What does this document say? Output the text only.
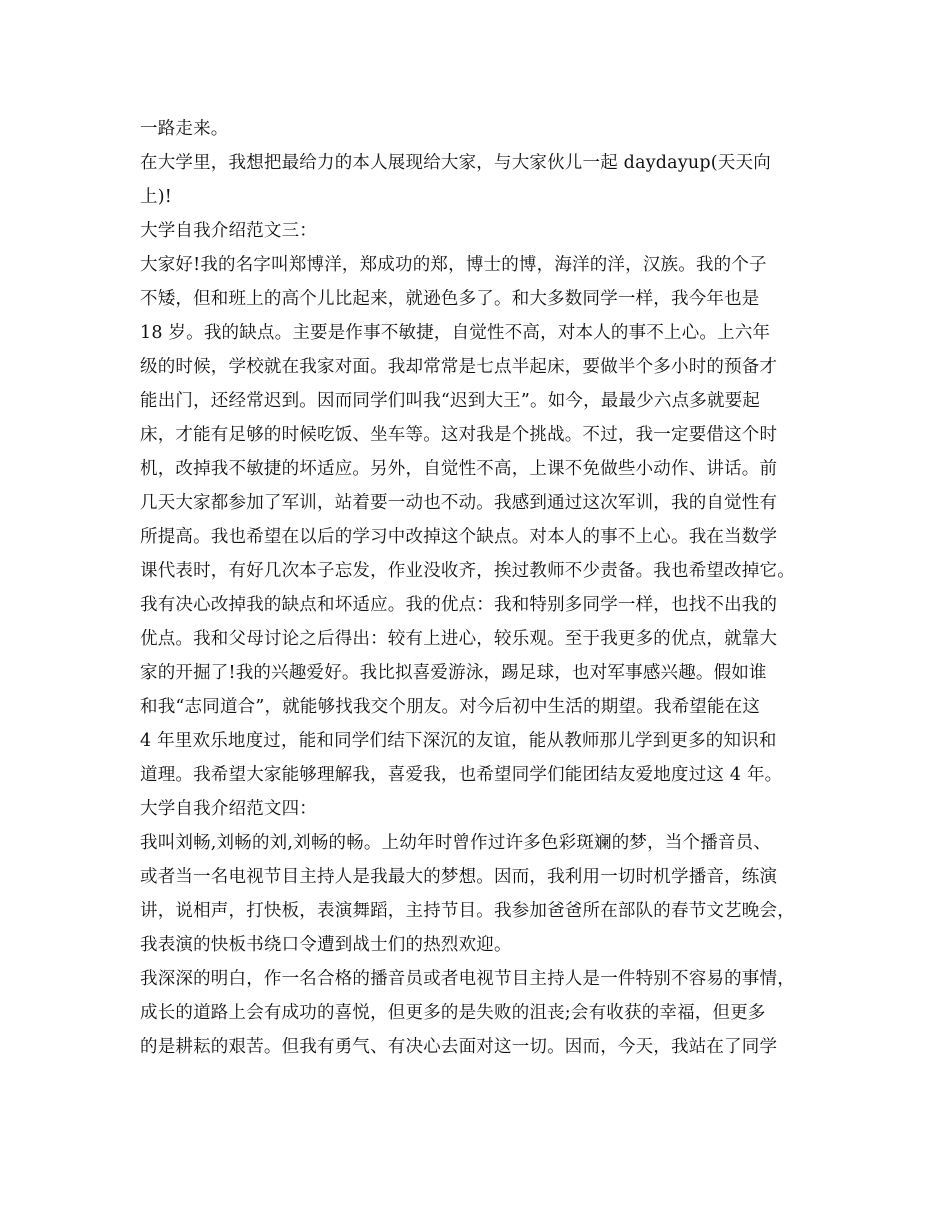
一路走来。
在大学里，我想把最给力的本人展现给大家，与大家伙儿一起 daydayup(天天向
上)!
大学自我介绍范文三：
大家好!我的名字叫郑博洋，郑成功的郑，博士的博，海洋的洋，汉族。我的个子
不矮，但和班上的高个儿比起来，就逊色多了。和大多数同学一样，我今年也是
18 岁。我的缺点。主要是作事不敏捷，自觉性不高，对本人的事不上心。上六年
级的时候，学校就在我家对面。我却常常是七点半起床，要做半个多小时的预备才
能出门，还经常迟到。因而同学们叫我“迟到大王”。如今，最最少六点多就要起
床，才能有足够的时候吃饭、坐车等。这对我是个挑战。不过，我一定要借这个时
机，改掉我不敏捷的坏适应。另外，自觉性不高，上课不免做些小动作、讲话。前
几天大家都参加了军训，站着要一动也不动。我感到通过这次军训，我的自觉性有
所提高。我也希望在以后的学习中改掉这个缺点。对本人的事不上心。我在当数学
课代表时，有好几次本子忘发，作业没收齐，挨过教师不少责备。我也希望改掉它。
我有决心改掉我的缺点和坏适应。我的优点：我和特别多同学一样，也找不出我的
优点。我和父母讨论之后得出：较有上进心，较乐观。至于我更多的优点，就靠大
家的开掘了!我的兴趣爱好。我比拟喜爱游泳，踢足球，也对军事感兴趣。假如谁
和我“志同道合”，就能够找我交个朋友。对今后初中生活的期望。我希望能在这
4 年里欢乐地度过，能和同学们结下深沉的友谊，能从教师那儿学到更多的知识和
道理。我希望大家能够理解我，喜爱我，也希望同学们能团结友爱地度过这 4 年。
大学自我介绍范文四：
我叫刘畅,刘畅的刘,刘畅的畅。上幼年时曾作过许多色彩斑斓的梦，当个播音员、
或者当一名电视节目主持人是我最大的梦想。因而，我利用一切时机学播音，练演
讲，说相声，打快板，表演舞蹈，主持节目。我参加爸爸所在部队的春节文艺晚会，
我表演的快板书绕口令遭到战士们的热烈欢迎。
我深深的明白，作一名合格的播音员或者电视节目主持人是一件特别不容易的事情，
成长的道路上会有成功的喜悦，但更多的是失败的沮丧;会有收获的幸福，但更多
的是耕耘的艰苦。但我有勇气、有决心去面对这一切。因而，今天，我站在了同学
